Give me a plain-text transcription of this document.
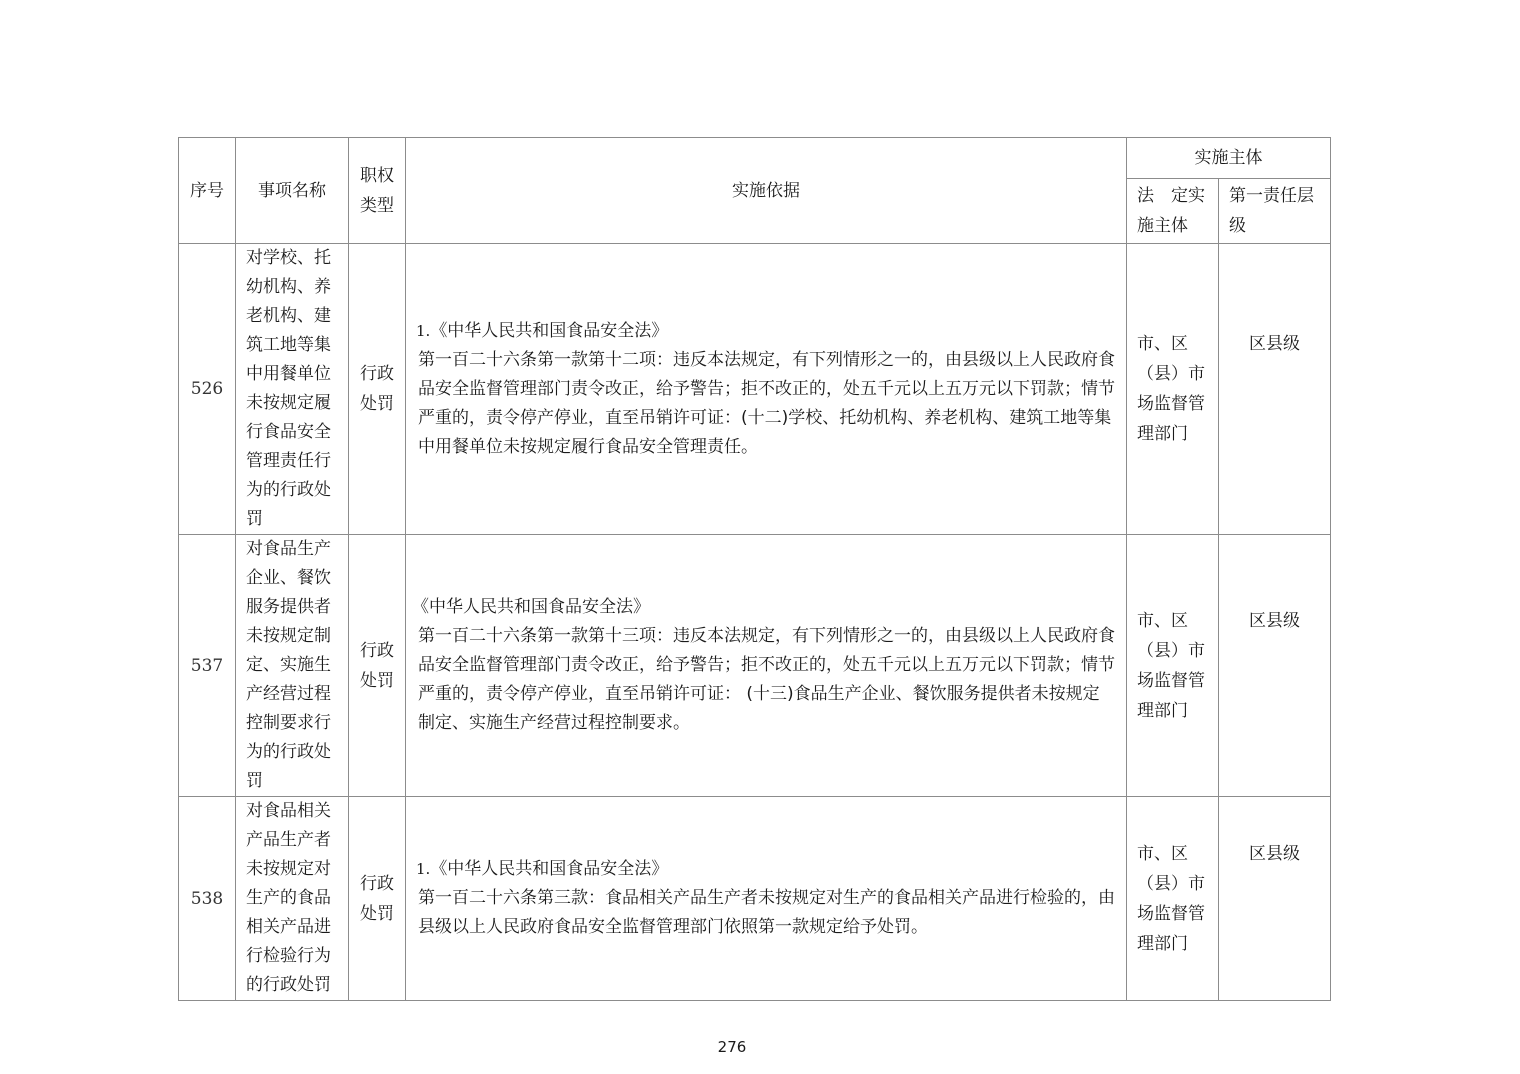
序号	事项名称	职权类型	实施依据	实施主体	
				法　定实施主体	第一责任层级
526	对学校、托幼机构、养老机构、建筑工地等集中用餐单位未按规定履行食品安全管理责任行为的行政处罚	行政处罚	1.《中华人民共和国食品安全法》
第一百二十六条第一款第十二项：违反本法规定，有下列情形之一的，由县级以上人民政府食品安全监督管理部门责令改正，给予警告；拒不改正的，处五千元以上五万元以下罚款；情节严重的，责令停产停业，直至吊销许可证：(十二)学校、托幼机构、养老机构、建筑工地等集中用餐单位未按规定履行食品安全管理责任。	市、区（县）市场监督管理部门	区县级
537	对食品生产企业、餐饮服务提供者未按规定制定、实施生产经营过程控制要求行为的行政处罚	行政处罚	《中华人民共和国食品安全法》
第一百二十六条第一款第十三项：违反本法规定，有下列情形之一的，由县级以上人民政府食品安全监督管理部门责令改正，给予警告；拒不改正的，处五千元以上五万元以下罚款；情节严重的，责令停产停业，直至吊销许可证： (十三)食品生产企业、餐饮服务提供者未按规定制定、实施生产经营过程控制要求。	市、区（县）市场监督管理部门	区县级
538	对食品相关产品生产者未按规定对生产的食品相关产品进行检验行为的行政处罚	行政处罚	1.《中华人民共和国食品安全法》
第一百二十六条第三款：食品相关产品生产者未按规定对生产的食品相关产品进行检验的，由县级以上人民政府食品安全监督管理部门依照第一款规定给予处罚。	市、区（县）市场监督管理部门	区县级
276
